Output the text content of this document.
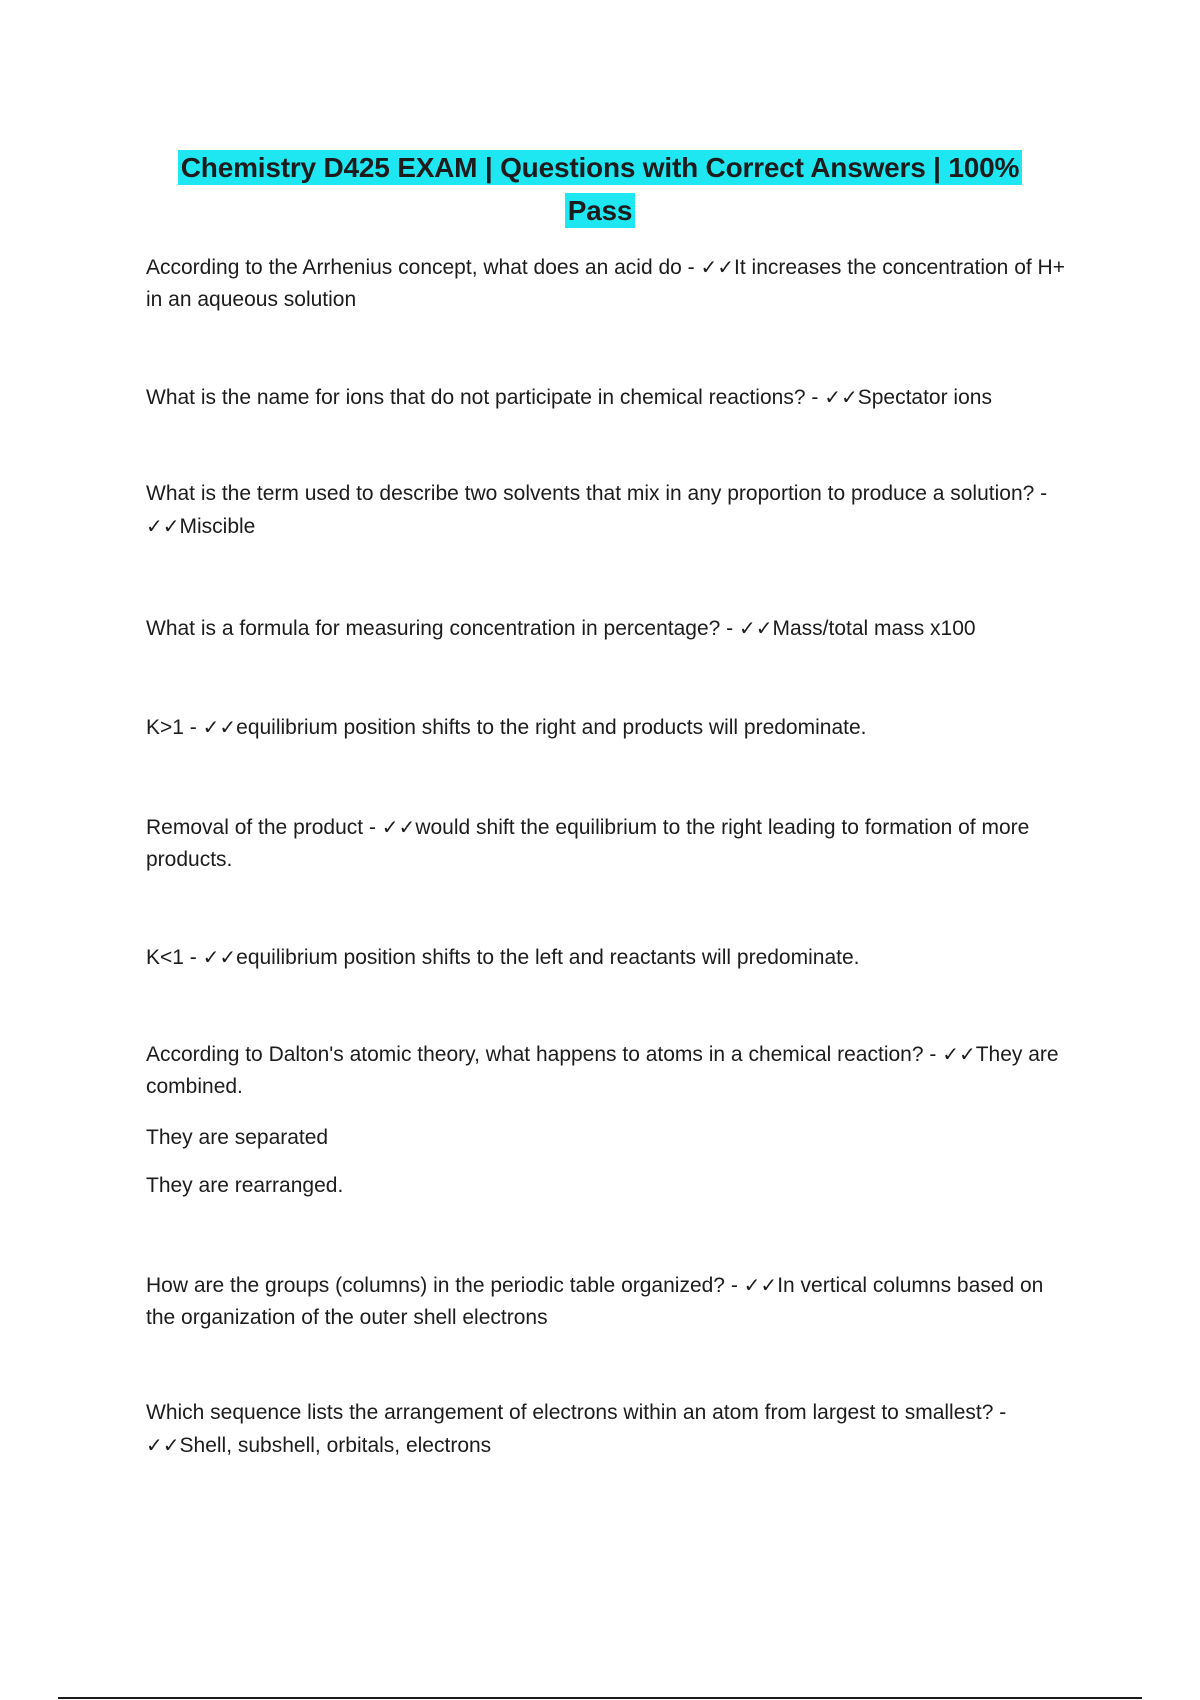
Chemistry D425 EXAM | Questions with Correct Answers | 100% Pass

According to the Arrhenius concept, what does an acid do - ✓✓It increases the concentration of H+ in an aqueous solution

What is the name for ions that do not participate in chemical reactions? - ✓✓Spectator ions

What is the term used to describe two solvents that mix in any proportion to produce a solution? - ✓✓Miscible

What is a formula for measuring concentration in percentage? - ✓✓Mass/total mass x100

K>1 - ✓✓equilibrium position shifts to the right and products will predominate.

Removal of the product - ✓✓would shift the equilibrium to the right leading to formation of more products.

K<1 - ✓✓equilibrium position shifts to the left and reactants will predominate.

According to Dalton's atomic theory, what happens to atoms in a chemical reaction? - ✓✓They are combined.

They are separated

They are rearranged.

How are the groups (columns) in the periodic table organized? - ✓✓In vertical columns based on the organization of the outer shell electrons

Which sequence lists the arrangement of electrons within an atom from largest to smallest? - ✓✓Shell, subshell, orbitals, electrons
